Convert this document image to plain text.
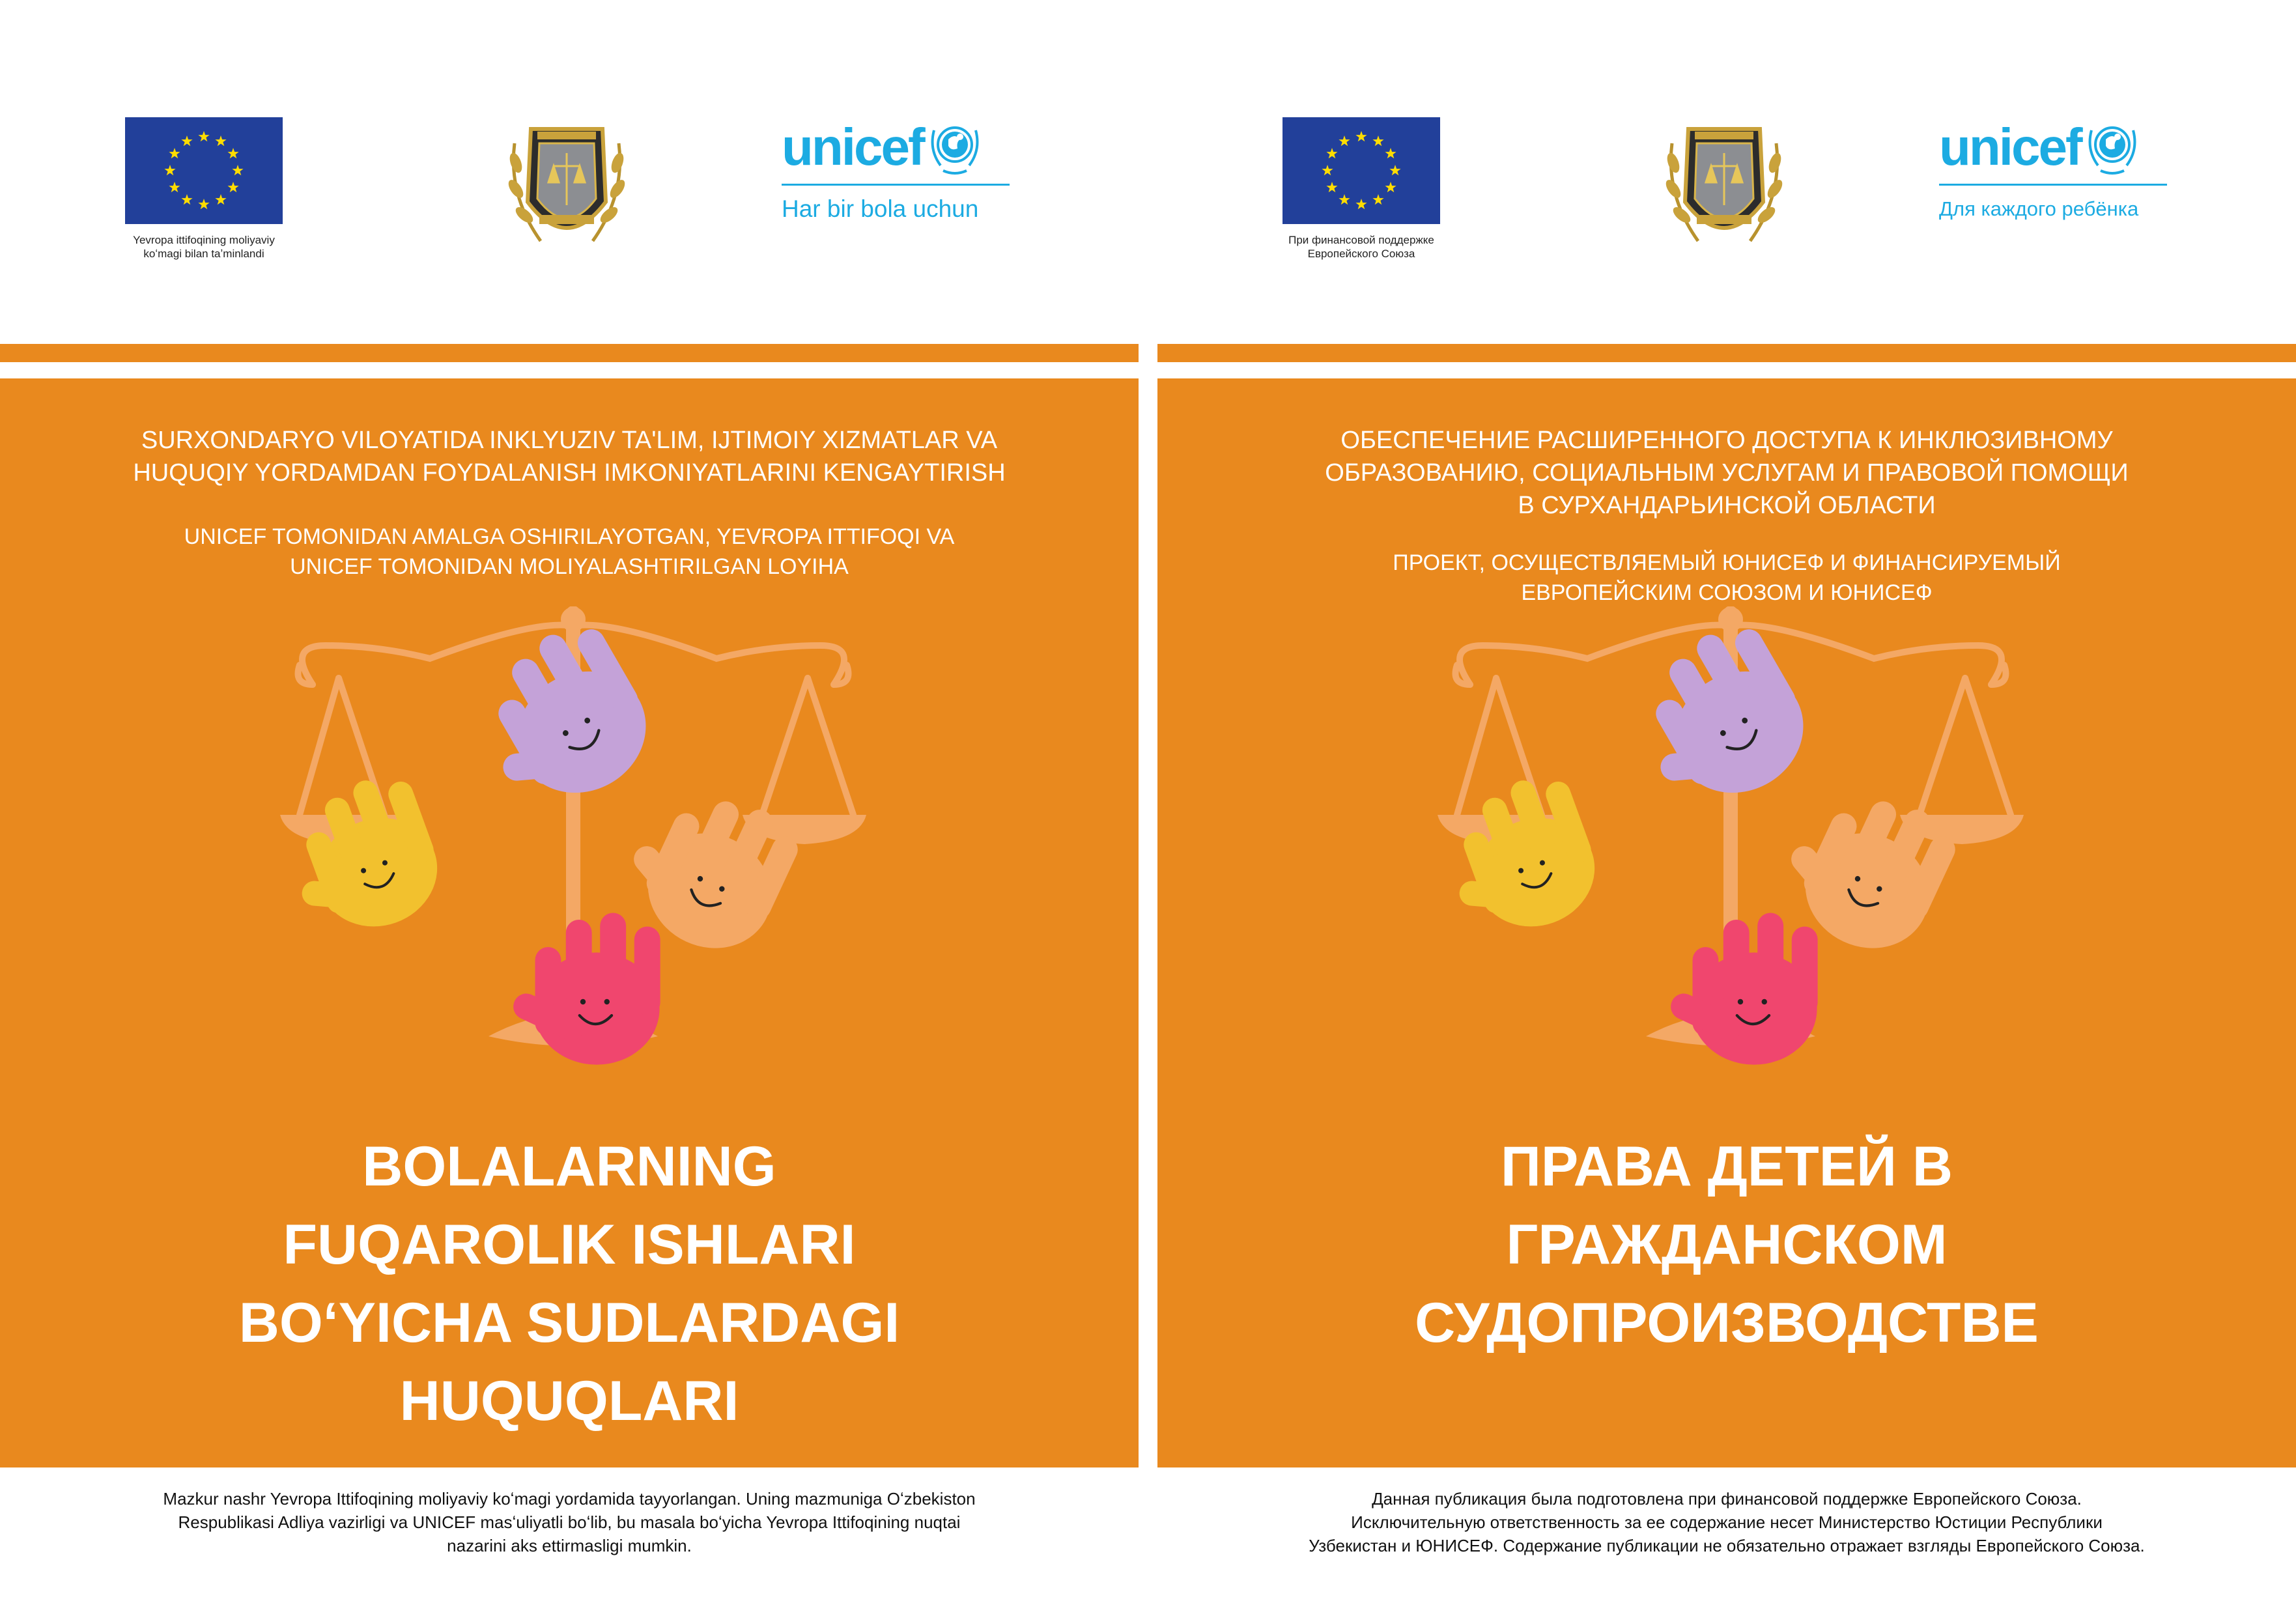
Yevropa ittifoqining moliyaviy
koʻmagi bilan taʼminlandi
unicef
Har bir bola uchun
SURXONDARYO VILOYATIDA INKLYUZIV TA'LIM, IJTIMOIY XIZMATLAR VA
HUQUQIY YORDAMDAN FOYDALANISH IMKONIYATLARINI KENGAYTIRISH
UNICEF TOMONIDAN AMALGA OSHIRILAYOTGAN, YEVROPA ITTIFOQI VA
UNICEF TOMONIDAN MOLIYALASHTIRILGAN LOYIHA
BOLALARNING
FUQAROLIK ISHLARI
BOʻYICHA SUDLARDAGI
HUQUQLARI
Mazkur nashr Yevropa Ittifoqining moliyaviy koʻmagi yordamida tayyorlangan. Uning mazmuniga Oʻzbekiston
Respublikasi Adliya vazirligi va UNICEF masʻuliyatli boʻlib, bu masala boʻyicha Yevropa Ittifoqining nuqtai
nazarini aks ettirmasligi mumkin.
При финансовой поддержке
Европейского Союза
unicef
Для каждого ребёнка
ОБЕСПЕЧЕНИЕ РАСШИРЕННОГО ДОСТУПА К ИНКЛЮЗИВНОМУ
ОБРАЗОВАНИЮ, СОЦИАЛЬНЫМ УСЛУГАМ И ПРАВОВОЙ ПОМОЩИ
В СУРХАНДАРЬИНСКОЙ ОБЛАСТИ
ПРОЕКТ, ОСУЩЕСТВЛЯЕМЫЙ ЮНИСЕФ И ФИНАНСИРУЕМЫЙ
ЕВРОПЕЙСКИМ СОЮЗОМ И ЮНИСЕФ
ПРАВА ДЕТЕЙ В
ГРАЖДАНСКОМ
СУДОПРОИЗВОДСТВЕ
Данная публикация была подготовлена при финансовой поддержке Европейского Союза.
Исключительную ответственность за ее содержание несет Министерство Юстиции Республики
Узбекистан и ЮНИСЕФ. Содержание публикации не обязательно отражает взгляды Европейского Союза.
